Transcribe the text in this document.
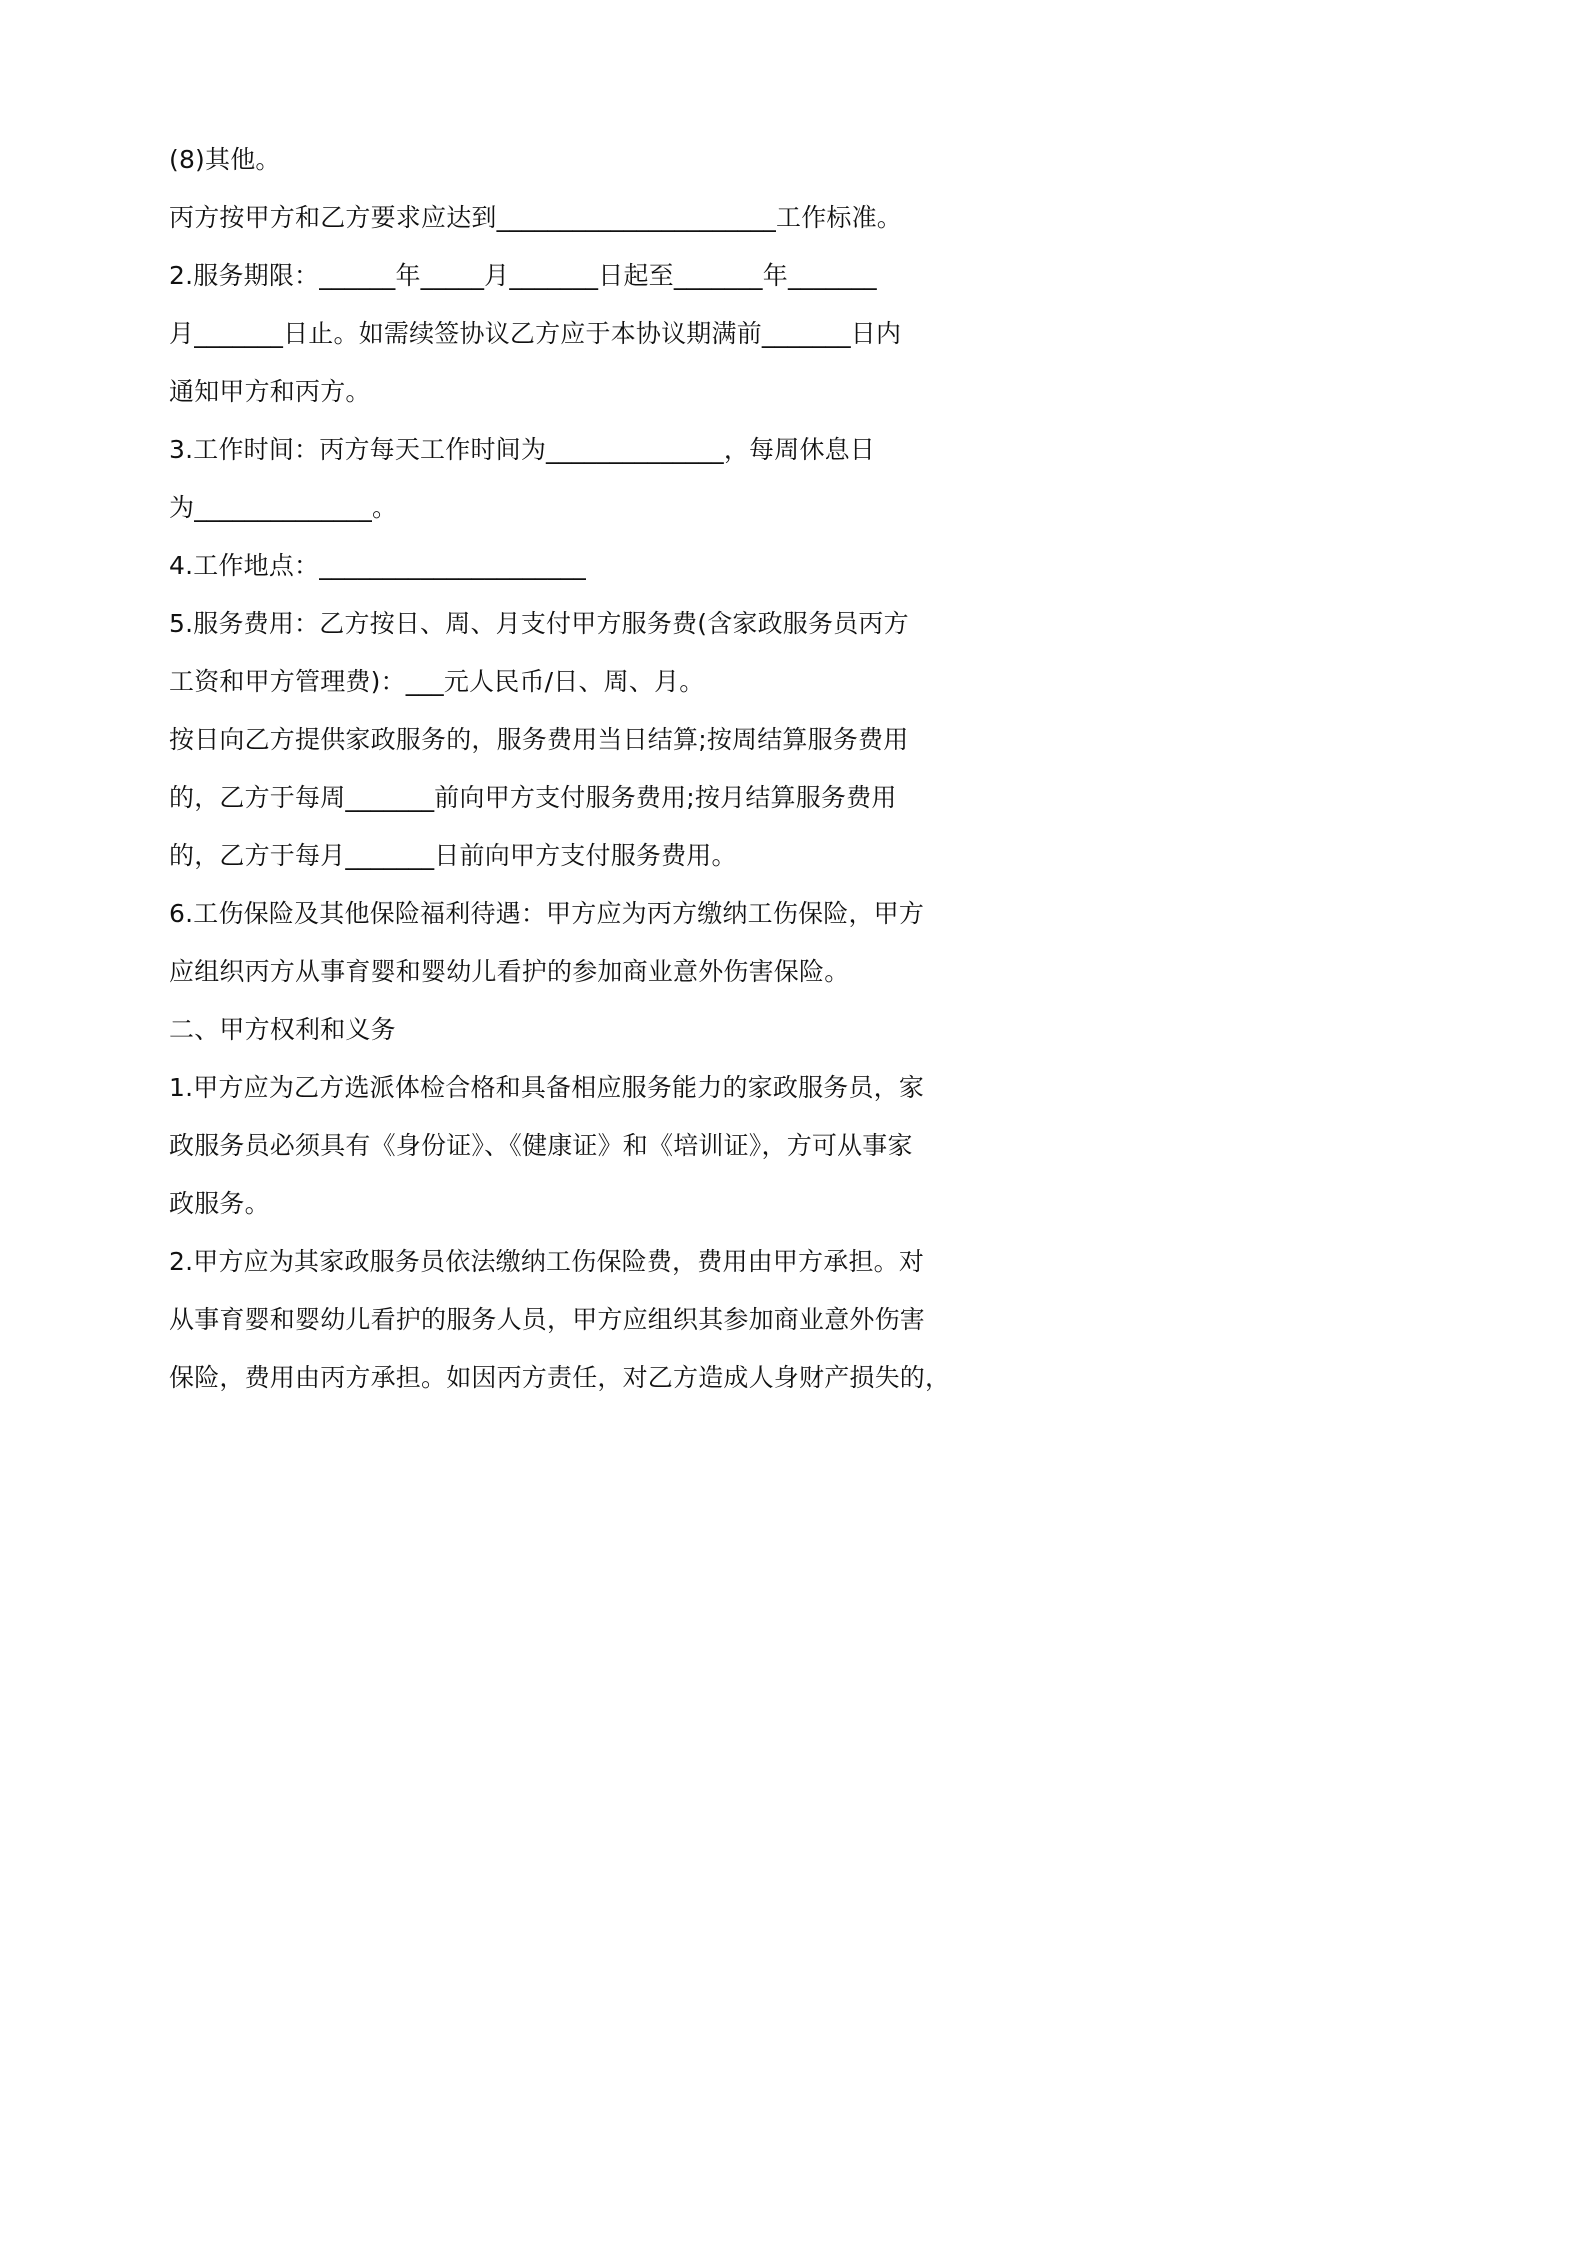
(8)其他。
丙方按甲方和乙方要求应达到______________________工作标准。
2.服务期限：______年_____月_______日起至_______年_______
月_______日止。如需续签协议乙方应于本协议期满前_______日内
通知甲方和丙方。
3.工作时间：丙方每天工作时间为______________，每周休息日
为______________。
4.工作地点：_____________________
5.服务费用：乙方按日、周、月支付甲方服务费(含家政服务员丙方
工资和甲方管理费)：___元人民币/日、周、月。
按日向乙方提供家政服务的，服务费用当日结算;按周结算服务费用
的，乙方于每周_______前向甲方支付服务费用;按月结算服务费用
的，乙方于每月_______日前向甲方支付服务费用。
6.工伤保险及其他保险福利待遇：甲方应为丙方缴纳工伤保险，甲方
应组织丙方从事育婴和婴幼儿看护的参加商业意外伤害保险。
二、甲方权利和义务
1.甲方应为乙方选派体检合格和具备相应服务能力的家政服务员，家
政服务员必须具有《身份证》、《健康证》和《培训证》，方可从事家
政服务。
2.甲方应为其家政服务员依法缴纳工伤保险费，费用由甲方承担。对
从事育婴和婴幼儿看护的服务人员，甲方应组织其参加商业意外伤害
保险，费用由丙方承担。如因丙方责任，对乙方造成人身财产损失的，
